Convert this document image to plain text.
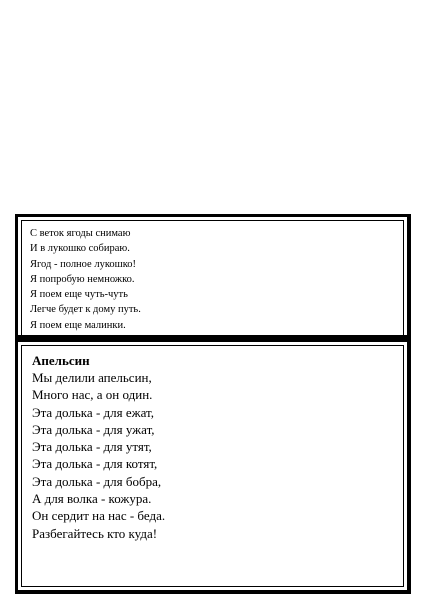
С веток ягоды снимаю
И в лукошко собираю.
Ягод - полное лукошко!
Я попробую немножко.
Я поем еще чуть-чуть
Легче будет к дому путь.
Я поем еще малинки.
Апельсин
Мы делили апельсин,
Много нас, а он один.
Эта долька - для ежат,
Эта долька - для ужат,
Эта долька - для утят,
Эта долька - для котят,
Эта долька - для бобра,
А для волка - кожура.
Он сердит на нас - беда.
Разбегайтесь кто куда!
